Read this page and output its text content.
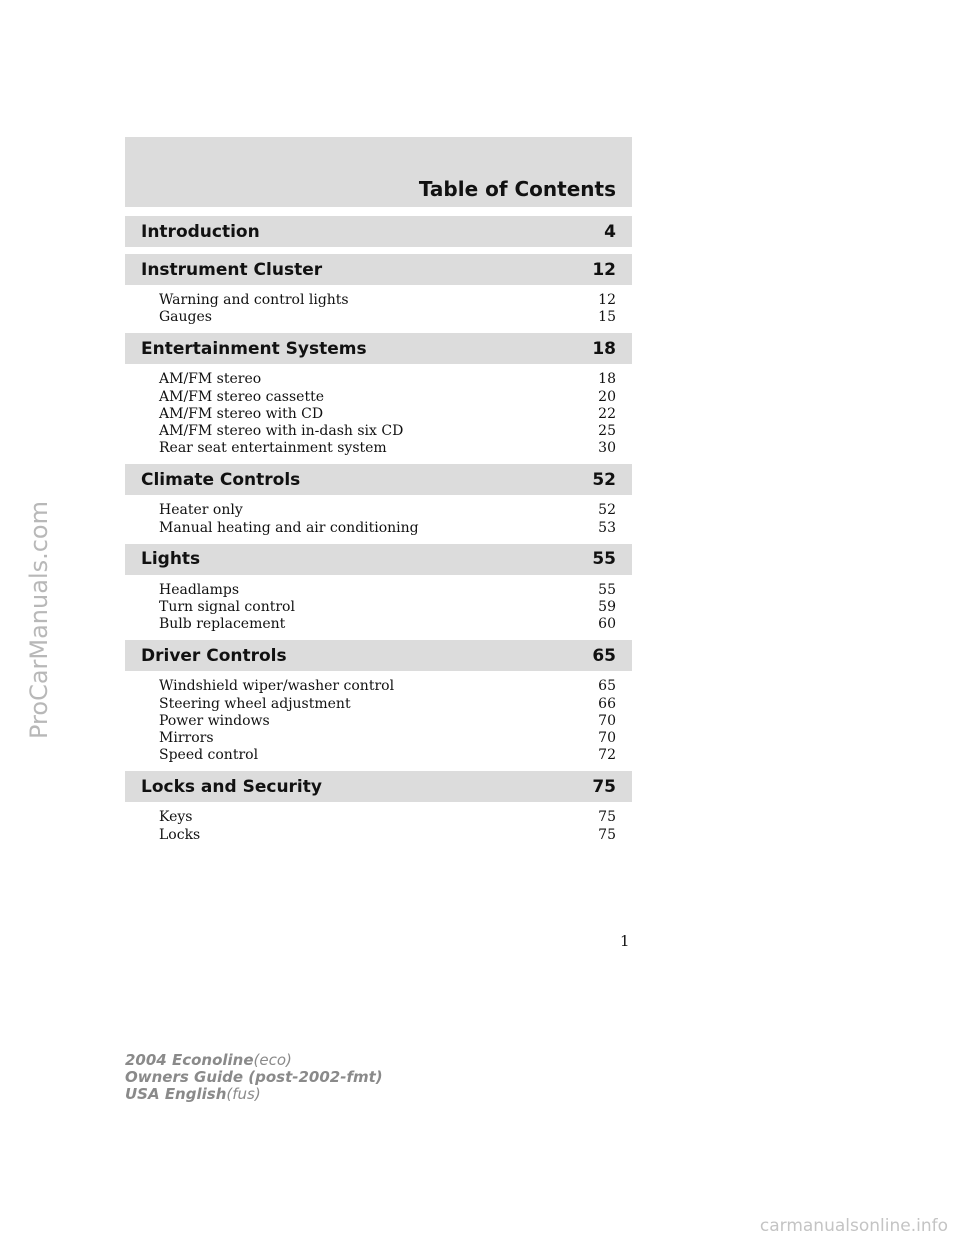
ProCarManuals.com
Table of Contents
Introduction	4
Instrument Cluster	12
Warning and control lights	12
Gauges	15
Entertainment Systems	18
AM/FM stereo	18
AM/FM stereo cassette	20
AM/FM stereo with CD	22
AM/FM stereo with in-dash six CD	25
Rear seat entertainment system	30
Climate Controls	52
Heater only	52
Manual heating and air conditioning	53
Lights	55
Headlamps	55
Turn signal control	59
Bulb replacement	60
Driver Controls	65
Windshield wiper/washer control	65
Steering wheel adjustment	66
Power windows	70
Mirrors	70
Speed control	72
Locks and Security	75
Keys	75
Locks	75
1
2004 Econoline(eco)
Owners Guide (post-2002-fmt)
USA English(fus)
carmanualsonline.info
